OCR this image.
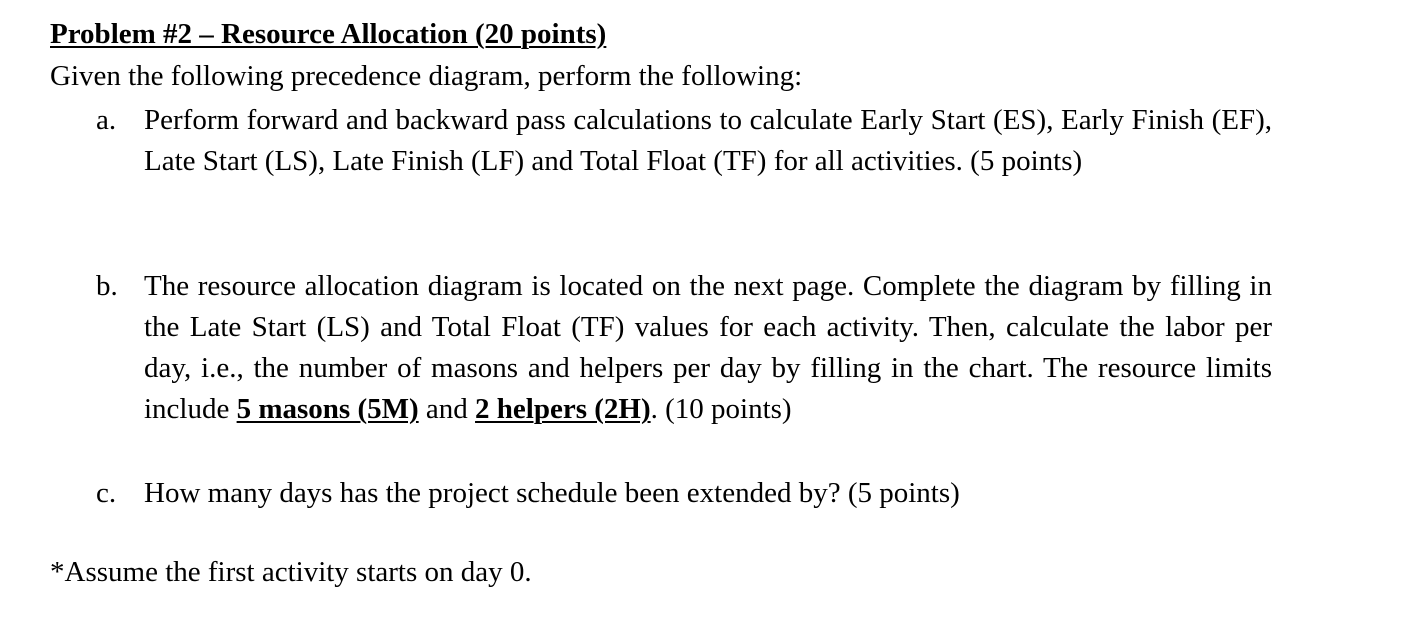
Problem #2 – Resource Allocation (20 points)
Given the following precedence diagram, perform the following:
a. Perform forward and backward pass calculations to calculate Early Start (ES), Early Finish (EF), Late Start (LS), Late Finish (LF) and Total Float (TF) for all activities. (5 points)
b. The resource allocation diagram is located on the next page. Complete the diagram by filling in the Late Start (LS) and Total Float (TF) values for each activity. Then, calculate the labor per day, i.e., the number of masons and helpers per day by filling in the chart. The resource limits include 5 masons (5M) and 2 helpers (2H). (10 points)
c. How many days has the project schedule been extended by? (5 points)
*Assume the first activity starts on day 0.
